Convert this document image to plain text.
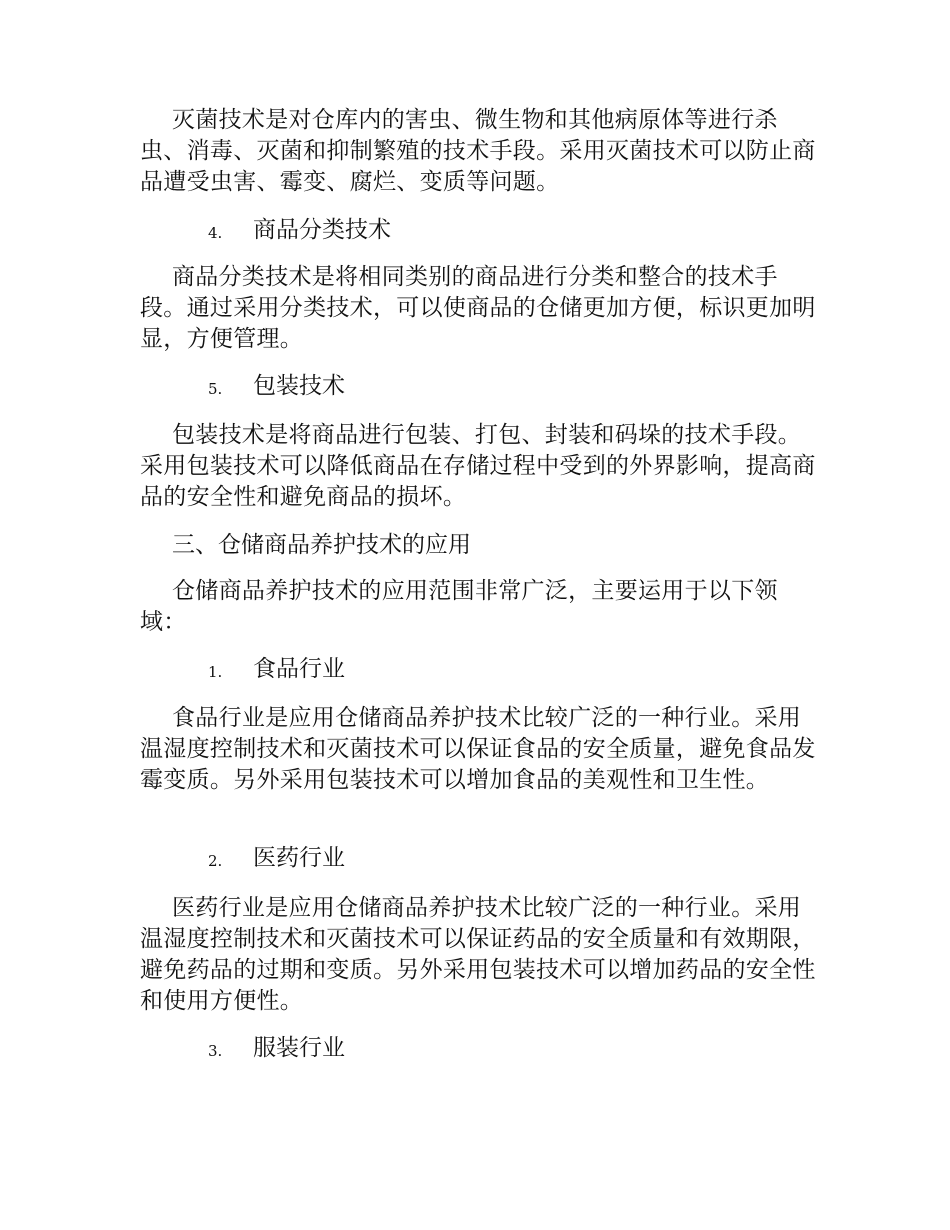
灭菌技术是对仓库内的害虫、微生物和其他病原体等进行杀虫、消毒、灭菌和抑制繁殖的技术手段。采用灭菌技术可以防止商品遭受虫害、霉变、腐烂、变质等问题。
4. 商品分类技术
商品分类技术是将相同类别的商品进行分类和整合的技术手段。通过采用分类技术，可以使商品的仓储更加方便，标识更加明显，方便管理。
5. 包装技术
包装技术是将商品进行包装、打包、封装和码垛的技术手段。采用包装技术可以降低商品在存储过程中受到的外界影响，提高商品的安全性和避免商品的损坏。
三、仓储商品养护技术的应用
仓储商品养护技术的应用范围非常广泛，主要运用于以下领域：
1. 食品行业
食品行业是应用仓储商品养护技术比较广泛的一种行业。采用温湿度控制技术和灭菌技术可以保证食品的安全质量，避免食品发霉变质。另外采用包装技术可以增加食品的美观性和卫生性。
2. 医药行业
医药行业是应用仓储商品养护技术比较广泛的一种行业。采用温湿度控制技术和灭菌技术可以保证药品的安全质量和有效期限，避免药品的过期和变质。另外采用包装技术可以增加药品的安全性和使用方便性。
3. 服装行业
